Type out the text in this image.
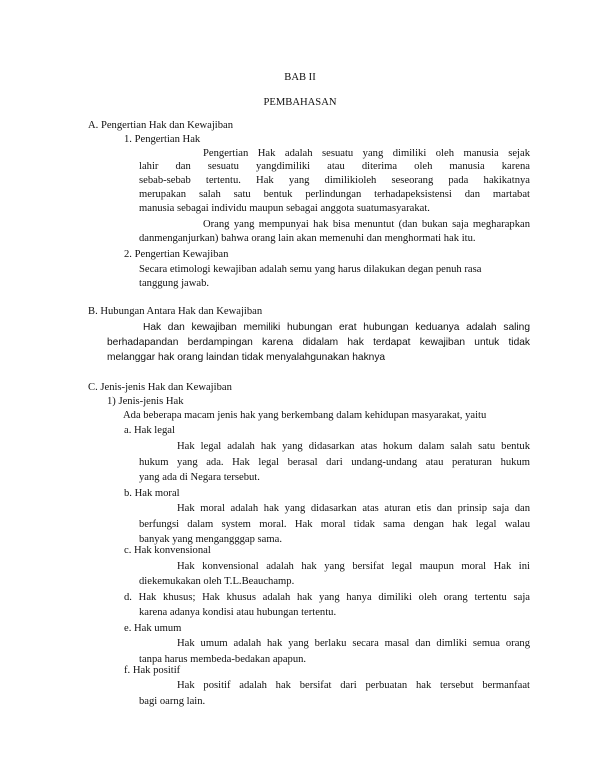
BAB II
PEMBAHASAN
A. Pengertian Hak dan Kewajiban
1. Pengertian Hak
Pengertian Hak adalah sesuatu yang dimiliki oleh manusia sejak
lahir dan sesuatu yangdimiliki atau diterima oleh manusia karena
sebab-sebab tertentu. Hak yang dimilikioleh seseorang pada hakikatnya
merupakan salah satu bentuk perlindungan terhadapeksistensi dan martabat
manusia sebagai individu maupun sebagai anggota suatumasyarakat.
Orang yang mempunyai hak bisa menuntut (dan bukan saja megharapkan
danmenganjurkan) bahwa orang lain akan memenuhi dan menghormati hak itu.
2. Pengertian Kewajiban
Secara etimologi kewajiban adalah semu yang harus dilakukan degan penuh rasa
tanggung jawab.
B. Hubungan Antara Hak dan Kewajiban
Hak dan kewajiban memiliki hubungan erat hubungan keduanya adalah saling
berhadapandan berdampingan karena didalam hak terdapat kewajiban untuk tidak
melanggar hak orang laindan tidak menyalahgunakan haknya
C. Jenis-jenis Hak dan Kewajiban
1) Jenis-jenis Hak
Ada beberapa macam jenis hak yang berkembang dalam kehidupan masyarakat, yaitu
a. Hak legal
Hak legal adalah hak yang didasarkan atas hokum dalam salah satu bentuk
hukum yang ada. Hak legal berasal dari undang-undang atau peraturan hukum
yang ada di Negara tersebut.
b. Hak moral
Hak moral adalah hak yang didasarkan atas aturan etis dan prinsip saja dan
berfungsi dalam system moral. Hak moral tidak sama dengan hak legal walau
banyak yang mengangggap sama.
c. Hak konvensional
Hak konvensional adalah hak yang bersifat legal maupun moral Hak ini
diekemukakan oleh T.L.Beauchamp.
d. Hak khusus; Hak khusus adalah hak yang hanya dimiliki oleh orang tertentu saja
karena adanya kondisi atau hubungan tertentu.
e. Hak umum
Hak umum adalah hak yang berlaku secara masal dan dimliki semua orang
tanpa harus membeda-bedakan apapun.
f. Hak positif
Hak positif adalah hak bersifat dari perbuatan hak tersebut bermanfaat
bagi oarng lain.
